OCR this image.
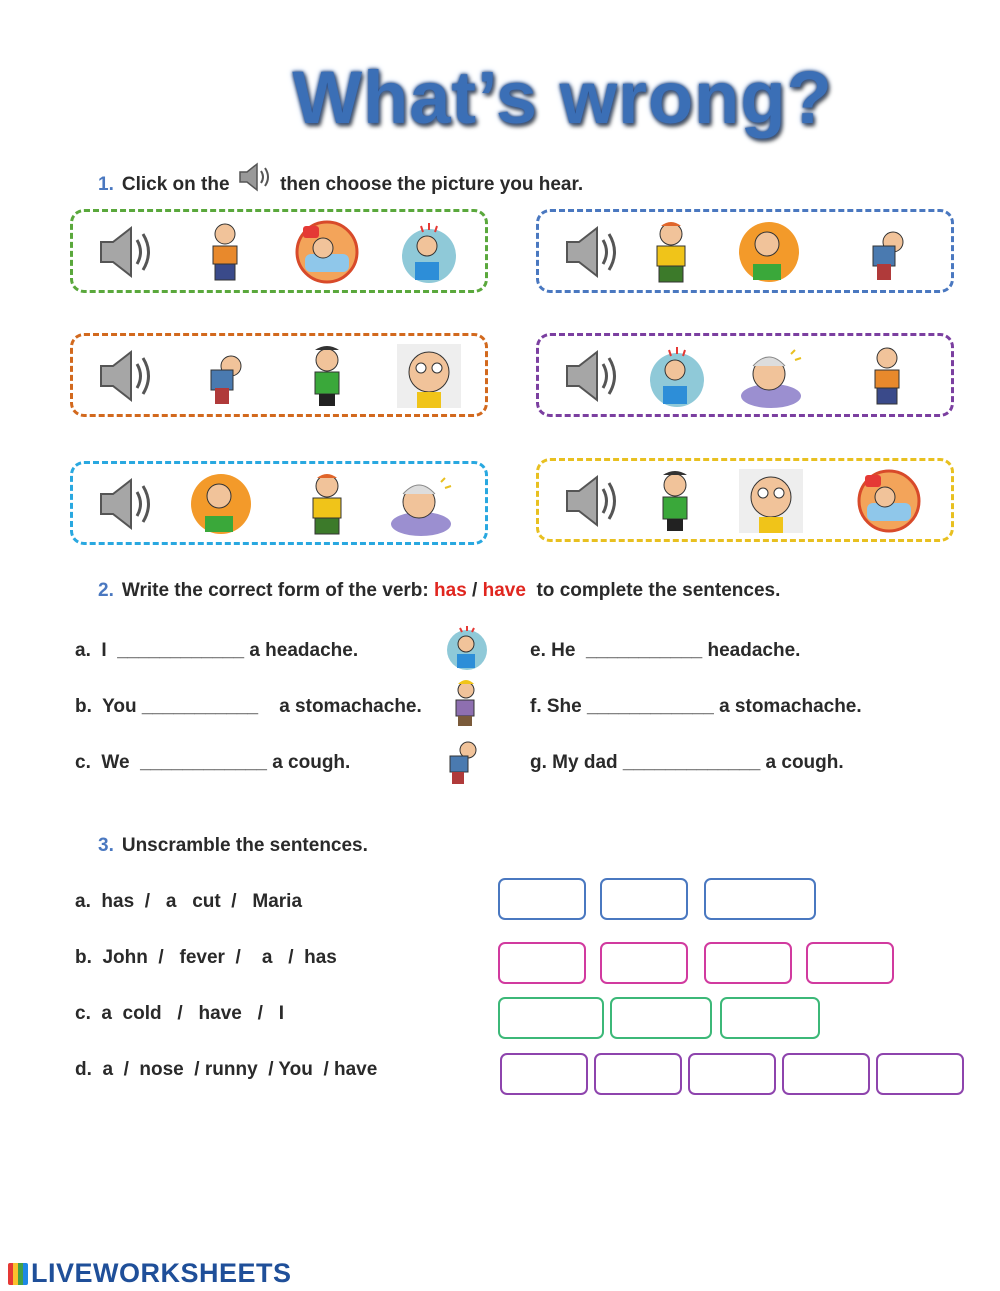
What’s wrong?
1. Click on the	then choose the picture you hear.
2. Write the correct form of the verb: has / have to complete the sentences.
a.  I  ____________ a headache.
b.  You ___________    a stomachache.
c.  We  ____________ a cough.
e. He  ___________ headache.
f. She ____________ a stomachache.
g. My dad _____________ a cough.
3. Unscramble the sentences.
a.  has  /   a   cut  /   Maria
b.  John  /   fever  /    a   /  has
c.  a  cold   /   have   /   I
d.  a  /  nose  / runny  / You  / have
LIVEWORKSHEETS
